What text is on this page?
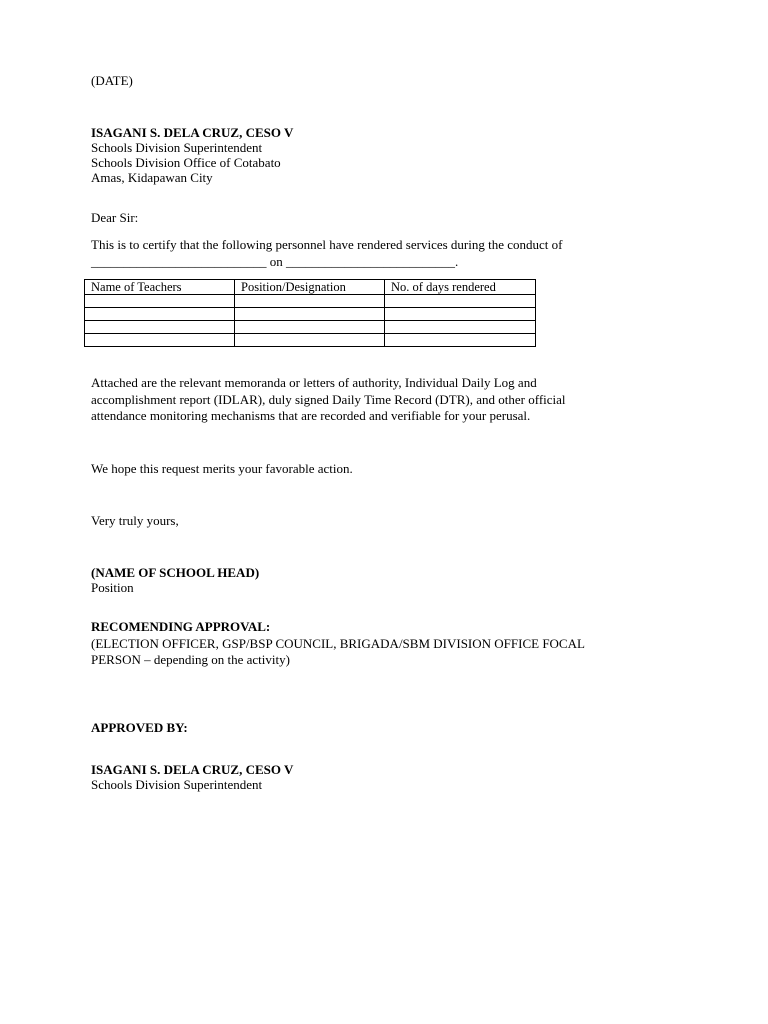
(DATE)
ISAGANI S. DELA CRUZ, CESO V
Schools Division Superintendent
Schools Division Office of Cotabato
Amas, Kidapawan City
Dear Sir:
This is to certify that the following personnel have rendered services during the conduct of
___________________________ on __________________________.
Name of Teachers	Position/Designation	No. of days rendered

Attached are the relevant memoranda or letters of authority, Individual Daily Log and
accomplishment report (IDLAR), duly signed Daily Time Record (DTR), and other official
attendance monitoring mechanisms that are recorded and verifiable for your perusal.
We hope this request merits your favorable action.
Very truly yours,
(NAME OF SCHOOL HEAD)
Position
RECOMENDING APPROVAL:
(ELECTION OFFICER, GSP/BSP COUNCIL, BRIGADA/SBM DIVISION OFFICE FOCAL
PERSON – depending on the activity)
APPROVED BY:
ISAGANI S. DELA CRUZ, CESO V
Schools Division Superintendent
